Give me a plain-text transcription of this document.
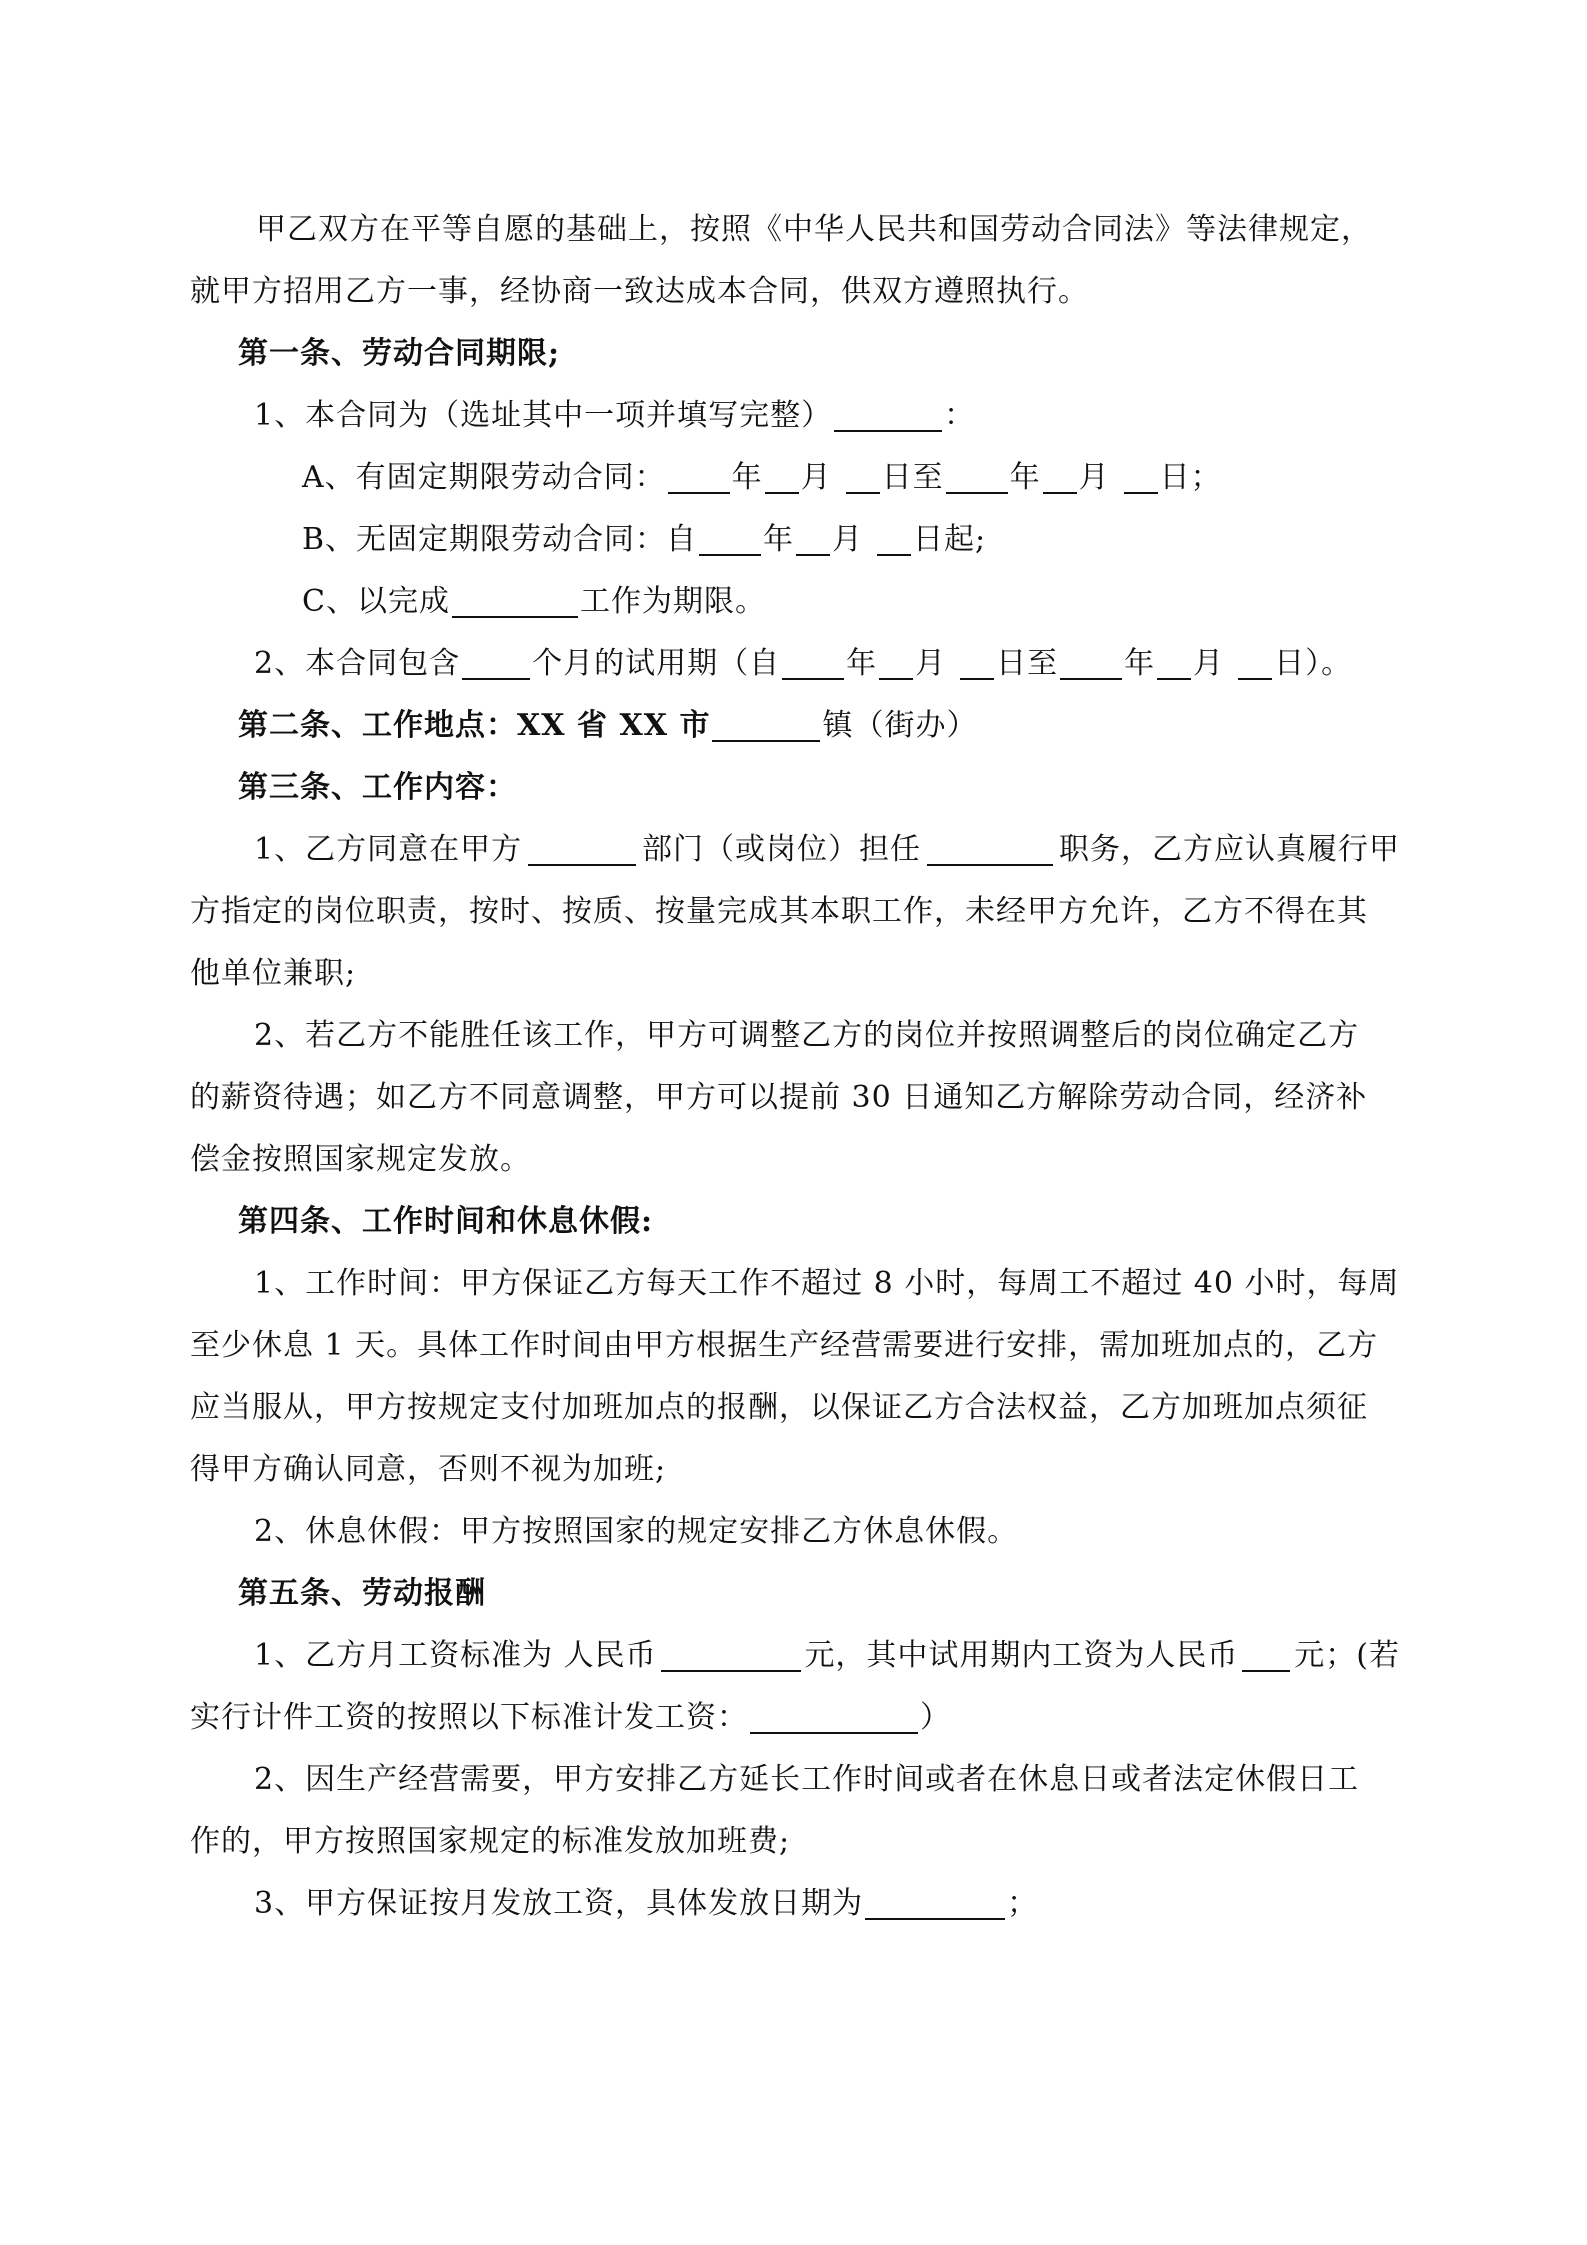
甲乙双方在平等自愿的基础上，按照《中华人民共和国劳动合同法》等法律规定，
就甲方招用乙方一事，经协商一致达成本合同，供双方遵照执行。
第一条、劳动合同期限;
1、本合同为（选址其中一项并填写完整）	：
A、有固定期限劳动合同： 年 月 日至 年 月 日；
B、无固定期限劳动合同：自 年 月 日起;
C、以完成	工作为期限。
2、本合同包含 个月的试用期（自 年 月 日至 年 月 日）。
第二条、工作地点：XX 省 XX 市	镇（街办）
第三条、工作内容：
1、乙方同意在甲方	部门（或岗位）担任	职务，乙方应认真履行甲
方指定的岗位职责，按时、按质、按量完成其本职工作，未经甲方允许，乙方不得在其
他单位兼职;
2、若乙方不能胜任该工作，甲方可调整乙方的岗位并按照调整后的岗位确定乙方
的薪资待遇；如乙方不同意调整，甲方可以提前 30 日通知乙方解除劳动合同，经济补
偿金按照国家规定发放。
第四条、工作时间和休息休假:
1、工作时间：甲方保证乙方每天工作不超过 8 小时，每周工不超过 40 小时，每周
至少休息 1 天。具体工作时间由甲方根据生产经营需要进行安排，需加班加点的，乙方
应当服从，甲方按规定支付加班加点的报酬，以保证乙方合法权益，乙方加班加点须征
得甲方确认同意，否则不视为加班;
2、休息休假：甲方按照国家的规定安排乙方休息休假。
第五条、劳动报酬
1、乙方月工资标准为 人民币	元，其中试用期内工资为人民币 元；(若
实行计件工资的按照以下标准计发工资：	）
2、因生产经营需要，甲方安排乙方延长工作时间或者在休息日或者法定休假日工
作的，甲方按照国家规定的标准发放加班费;
3、甲方保证按月发放工资，具体发放日期为	；
